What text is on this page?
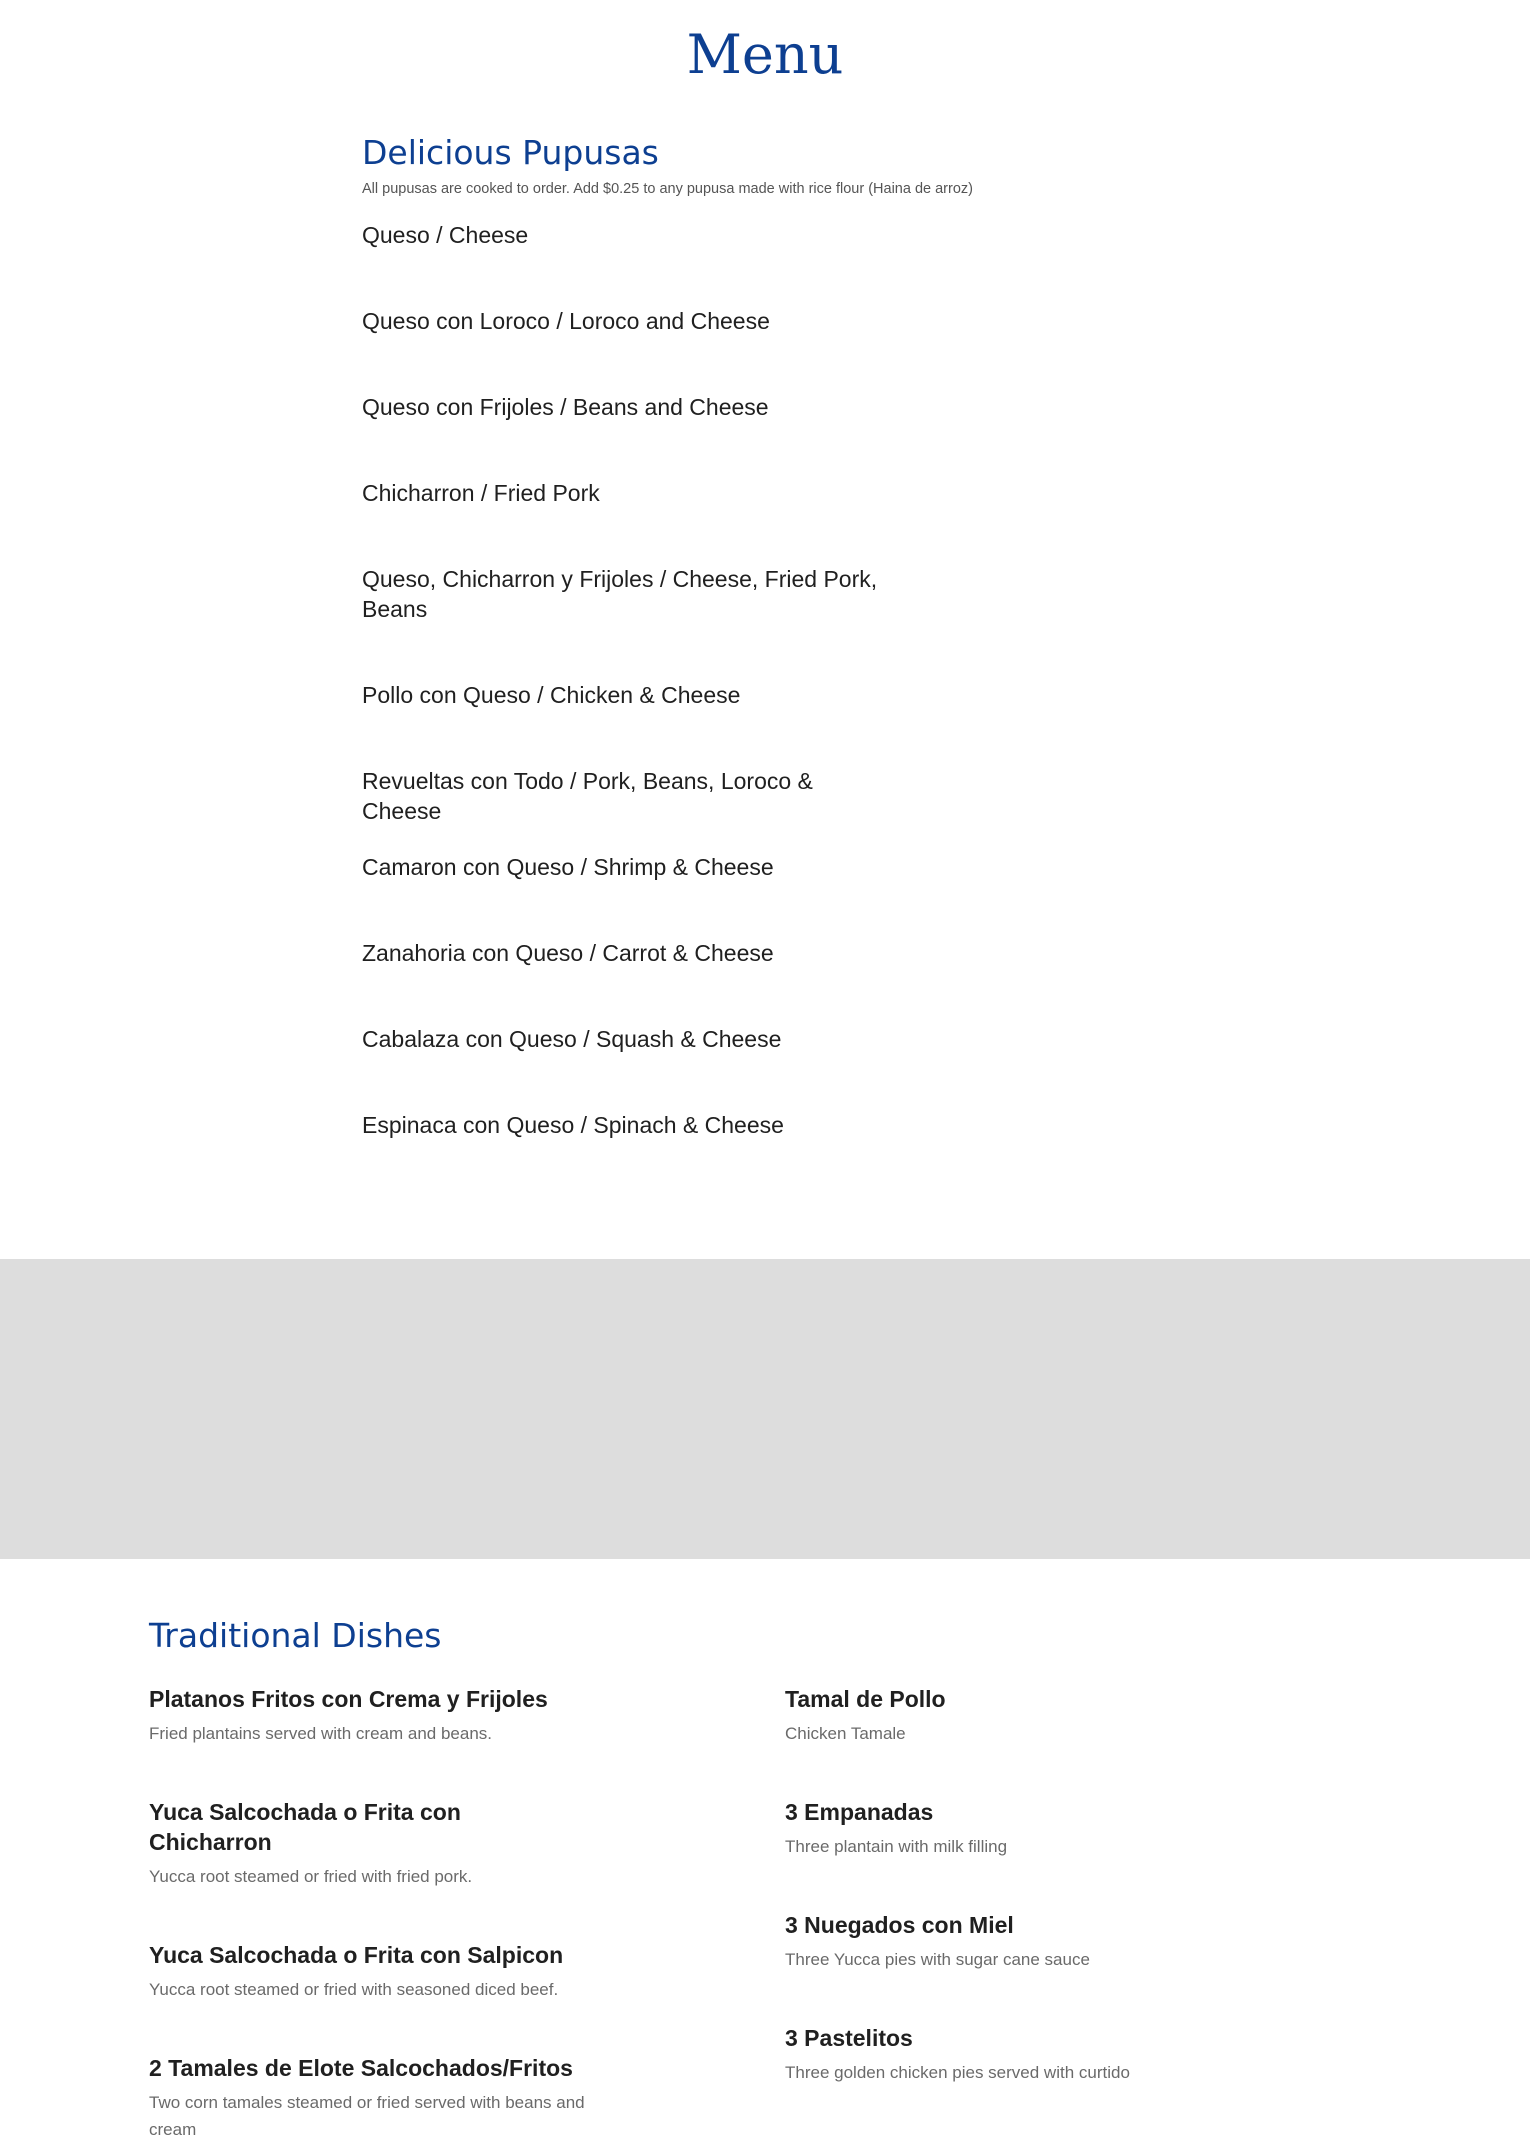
Menu
Delicious Pupusas

All pupusas are cooked to order. Add $0.25 to any pupusa made with rice flour (Haina de arroz)

Queso / Cheese
Queso con Loroco / Loroco and Cheese
Queso con Frijoles / Beans and Cheese
Chicharron / Fried Pork
Queso, Chicharron y Frijoles / Cheese, Fried Pork, Beans
Pollo con Queso / Chicken & Cheese
Revueltas con Todo / Pork, Beans, Loroco & Cheese
Camaron con Queso / Shrimp & Cheese
Zanahoria con Queso / Carrot & Cheese
Cabalaza con Queso / Squash & Cheese
Espinaca con Queso / Spinach & Cheese
Traditional Dishes
Platanos Fritos con Crema y Frijoles

Fried plantains served with cream and beans.

Yuca Salcochada o Frita con Chicharron

Yucca root steamed or fried with fried pork.

Yuca Salcochada o Frita con Salpicon

Yucca root steamed or fried with seasoned diced beef.

2 Tamales de Elote Salcochados/Fritos

Two corn tamales steamed or fried served with beans and cream

Tamal de Pollo

Chicken Tamale

3 Empanadas

Three plantain with milk filling

3 Nuegados con Miel

Three Yucca pies with sugar cane sauce

3 Pastelitos

Three golden chicken pies served with curtido
